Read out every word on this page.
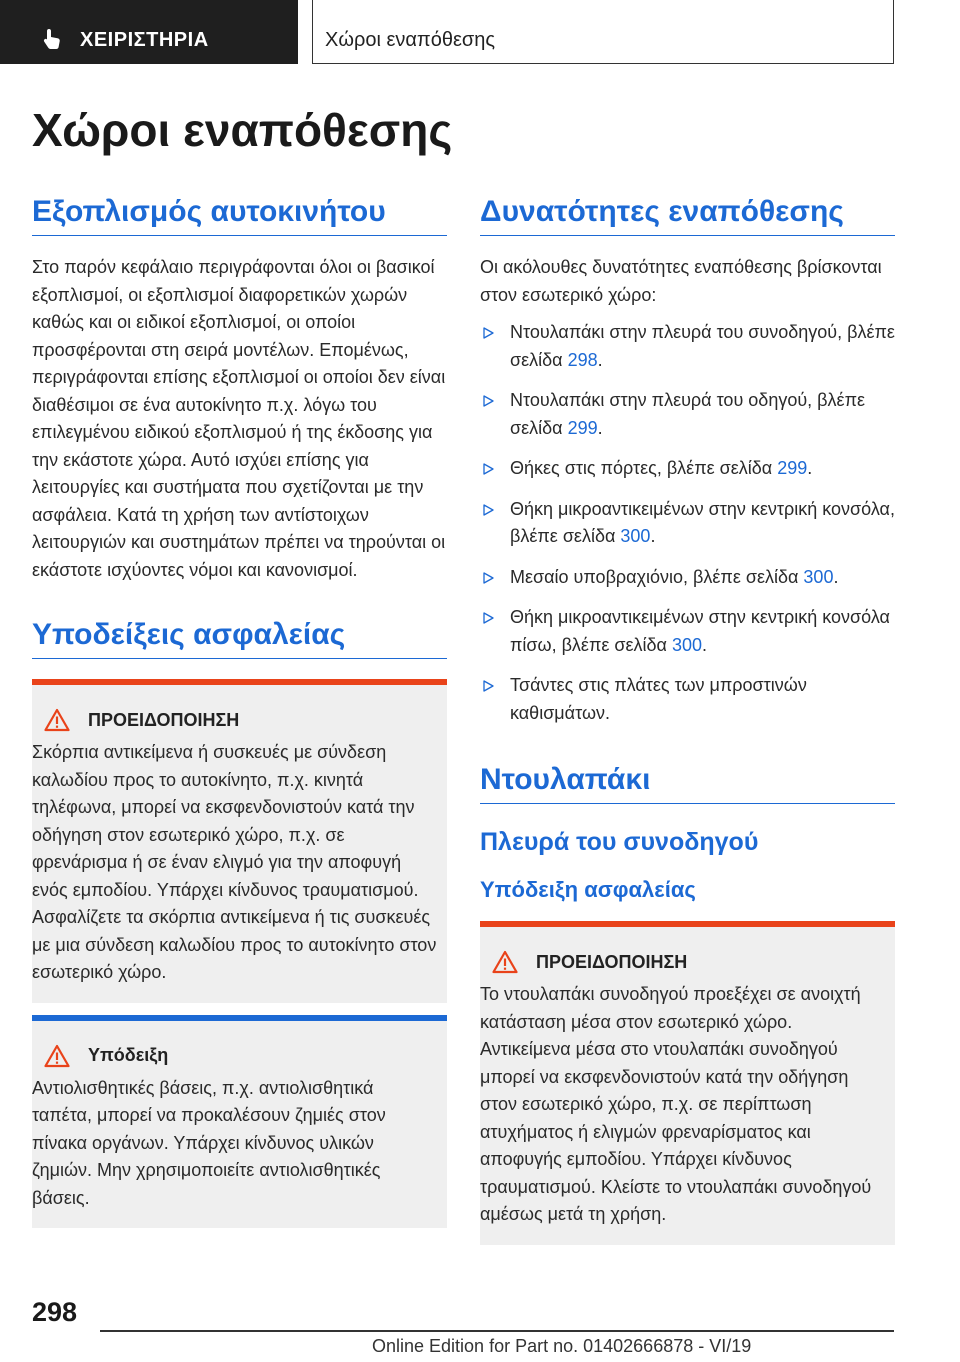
ΧΕΙΡΙΣΤΗΡΙΑ	Χώροι εναπόθεσης
Χώροι εναπόθεσης
Εξοπλισμός αυτοκινήτου

Στο παρόν κεφάλαιο περιγράφονται όλοι οι βασικοί εξοπλισμοί, οι εξοπλισμοί διαφορετικών χωρών καθώς και οι ειδικοί εξοπλισμοί, οι οποίοι προσφέρονται στη σειρά μοντέλων. Επομένως, περιγράφονται επίσης εξοπλισμοί οι οποίοι δεν είναι διαθέσιμοι σε ένα αυτοκίνητο π.χ. λόγω του επιλεγμένου ειδικού εξοπλισμού ή της έκδοσης για την εκάστοτε χώρα. Αυτό ισχύει επίσης για λειτουργίες και συστήματα που σχετίζονται με την ασφάλεια. Κατά τη χρήση των αντίστοιχων λειτουργιών και συστημάτων πρέπει να τηρούνται οι εκάστοτε ισχύοντες νόμοι και κανονισμοί.

Υποδείξεις ασφαλείας
ΠΡΟΕΙΔΟΠΟΙΗΣΗ
Σκόρπια αντικείμενα ή συσκευές με σύνδεση καλωδίου προς το αυτοκίνητο, π.χ. κινητά τηλέφωνα, μπορεί να εκσφενδονιστούν κατά την οδήγηση στον εσωτερικό χώρο, π.χ. σε φρενάρισμα ή σε έναν ελιγμό για την αποφυγή ενός εμποδίου. Υπάρχει κίνδυνος τραυματισμού. Ασφαλίζετε τα σκόρπια αντικείμενα ή τις συσκευές με μια σύνδεση καλωδίου προς το αυτοκίνητο στον εσωτερικό χώρο.
Υπόδειξη
Αντιολισθητικές βάσεις, π.χ. αντιολισθητικά ταπέτα, μπορεί να προκαλέσουν ζημιές στον πίνακα οργάνων. Υπάρχει κίνδυνος υλικών ζημιών. Μην χρησιμοποιείτε αντιολισθητικές βάσεις.
Δυνατότητες εναπόθεσης

Οι ακόλουθες δυνατότητες εναπόθεσης βρίσκονται στον εσωτερικό χώρο:

Ντουλαπάκι στην πλευρά του συνοδηγού, βλέπε σελίδα 298.
Ντουλαπάκι στην πλευρά του οδηγού, βλέπε σελίδα 299.
Θήκες στις πόρτες, βλέπε σελίδα 299.
Θήκη μικροαντικειμένων στην κεντρική κονσόλα, βλέπε σελίδα 300.
Μεσαίο υποβραχιόνιο, βλέπε σελίδα 300.
Θήκη μικροαντικειμένων στην κεντρική κονσόλα πίσω, βλέπε σελίδα 300.
Τσάντες στις πλάτες των μπροστινών καθισμάτων.
Ντουλαπάκι
Πλευρά του συνοδηγού
Υπόδειξη ασφαλείας
ΠΡΟΕΙΔΟΠΟΙΗΣΗ
Το ντουλαπάκι συνοδηγού προεξέχει σε ανοιχτή κατάσταση μέσα στον εσωτερικό χώρο. Αντικείμενα μέσα στο ντουλαπάκι συνοδηγού μπορεί να εκσφενδονιστούν κατά την οδήγηση στον εσωτερικό χώρο, π.χ. σε περίπτωση ατυχήματος ή ελιγμών φρεναρίσματος και αποφυγής εμποδίου. Υπάρχει κίνδυνος τραυματισμού. Κλείστε το ντουλαπάκι συνοδηγού αμέσως μετά τη χρήση.
298
Online Edition for Part no. 01402666878 - VI/19
